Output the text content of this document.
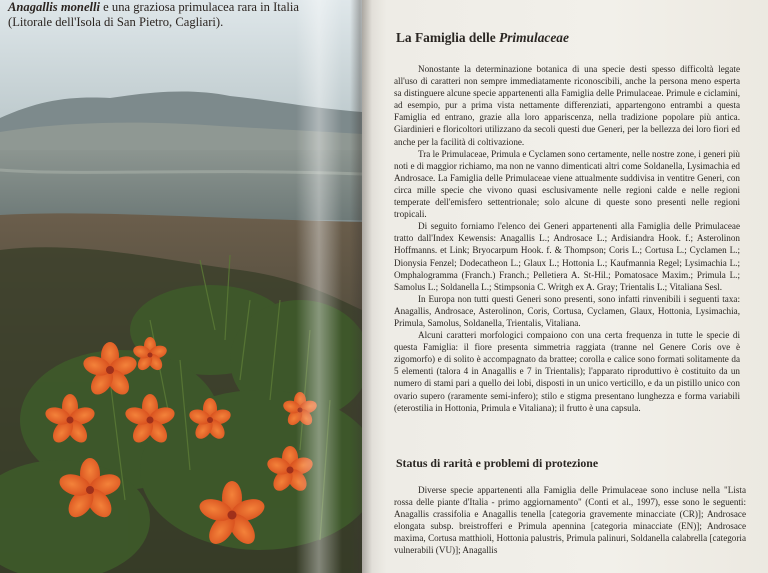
Anagallis monelli e una graziosa primulacea rara in Italia
(Litorale dell'Isola di San Pietro, Cagliari).
La Famiglia delle Primulaceae

Nonostante la determinazione botanica di una specie desti spesso difficoltà legate all'uso di caratteri non sempre immediatamente riconoscibili, anche la persona meno esperta sa distinguere alcune specie appartenenti alla Famiglia delle Primulaceae. Primule e ciclamini, ad esempio, pur a prima vista nettamente differenziati, appartengono entrambi a questa Famiglia ed entrano, grazie alla loro appariscenza, nella tradizione popolare più antica. Giardinieri e floricoltori utilizzano da secoli questi due Generi, per la bellezza dei loro fiori ed anche per la facilità di coltivazione.

Tra le Primulaceae, Primula e Cyclamen sono certamente, nelle nostre zone, i generi più noti e di maggior richiamo, ma non ne vanno dimenticati altri come Soldanella, Lysimachia ed Androsace. La Famiglia delle Primulaceae viene attualmente suddivisa in ventitre Generi, con circa mille specie che vivono quasi esclusivamente nelle regioni calde e nelle regioni temperate dell'emisfero settentrionale; solo alcune di queste sono presenti nelle regioni tropicali.

Di seguito forniamo l'elenco dei Generi appartenenti alla Famiglia delle Primulaceae tratto dall'Index Kewensis: Anagallis L.; Androsace L.; Ardisiandra Hook. f.; Asterolinon Hoffmanns. et Link; Bryocarpum Hook. f. & Thompson; Coris L.; Cortusa L.; Cyclamen L.; Dionysia Fenzel; Dodecatheon L.; Glaux L.; Hottonia L.; Kaufmannia Regel; Lysimachia L.; Omphalogramma (Franch.) Franch.; Pelletiera A. St-Hil.; Pomatosace Maxim.; Primula L.; Samolus L.; Soldanella L.; Stimpsonia C. Writgh ex A. Gray; Trientalis L.; Vitaliana Sesl.

In Europa non tutti questi Generi sono presenti, sono infatti rinvenibili i seguenti taxa: Anagallis, Androsace, Asterolinon, Coris, Cortusa, Cyclamen, Glaux, Hottonia, Lysimachia, Primula, Samolus, Soldanella, Trientalis, Vitaliana.

Alcuni caratteri morfologici compaiono con una certa frequenza in tutte le specie di questa Famiglia: il fiore presenta simmetria raggiata (tranne nel Genere Coris ove è zigomorfo) e di solito è accompagnato da brattee; corolla e calice sono formati solitamente da 5 elementi (talora 4 in Anagallis e 7 in Trientalis); l'apparato riproduttivo è costituito da un numero di stami pari a quello dei lobi, disposti in un unico verticillo, e da un pistillo unico con ovario supero (raramente semi-infero); stilo e stigma presentano lunghezza e forma variabili (eterostilia in Hottonia, Primula e Vitaliana); il frutto è una capsula.

Status di rarità e problemi di protezione

Diverse specie appartenenti alla Famiglia delle Primulaceae sono incluse nella "Lista rossa delle piante d'Italia - primo aggiornamento" (Conti et al., 1997), esse sono le seguenti: Anagallis crassifolia e Anagallis tenella [categoria gravemente minacciate (CR)]; Androsace elongata subsp. breistrofferi e Primula apennina [categoria minacciate (EN)]; Androsace maxima, Cortusa matthioli, Hottonia palustris, Primula palinuri, Soldanella calabrella [categoria vulnerabili (VU)]; Anagallis
